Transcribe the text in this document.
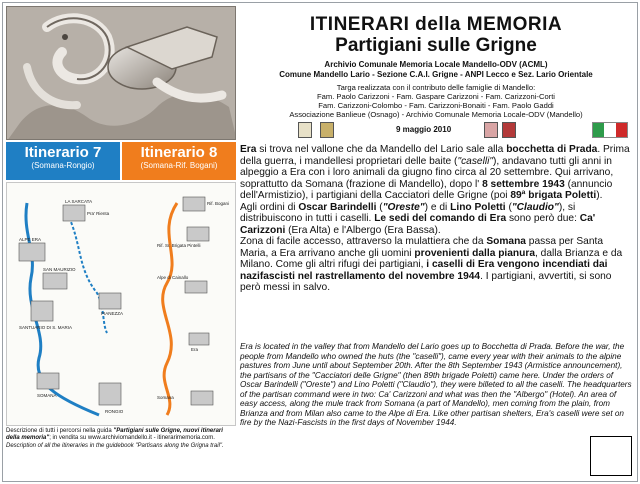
ITINERARI della MEMORIA
Partigiani sulle Grigne
Archivio Comunale Memoria Locale Mandello-ODV (ACML)
Comune Mandello Lario - Sezione C.A.I. Grigne - ANPI Lecco e Sez. Lario Orientale
Targa realizzata con il contributo delle famiglie di Mandello:
Fam. Paolo Carizzoni - Fam. Gaspare Carizzoni - Fam. Carizzoni-Corti
Fam. Carizzoni-Colombo - Fam. Carizzoni-Bonaiti - Fam. Paolo Gaddi
Associazione Banlieue (Osnago) - Archivio Comunale Memoria Locale-ODV (Mandello)
9 maggio 2010
Itinerario 7
(Somana-Rongio)
Itinerario 8
(Somana-Rif. Bogani)
LA SARCATA
Pra' Rienta
ALPE ERA
SAN MAURIZIO
SANTUARIO DI S. MARIA
PIANEZZA
SOMANA
RONGIO
Rif. Bogani
Rif. Sr. Brigata Pintelli
Alpe di Cainallo
Era
Somana
Descrizione di tutti i percorsi nella guida "Partigiani sulle Grigne, nuovi itinerari della memoria"; in vendita su www.archiviomandello.it - itinerarimemoria.com.
Description of all the itineraries in the guidebook "Partisans along the Grigna trail".

Era si trova nel vallone che da Mandello del Lario sale alla bocchetta di Prada. Prima della guerra, i mandellesi proprietari delle baite ("caselli"), andavano tutti gli anni in alpeggio a Era con i loro animali da giugno fino circa al 20 settembre. Qui arrivano, soprattutto da Somana (frazione di Mandello), dopo l' 8 settembre 1943 (annuncio dell'Armistizio), i partigiani della Cacciatori delle Grigne (poi 89ª brigata Poletti).

Agli ordini di Oscar Barindelli ("Oreste") e di Lino Poletti ("Claudio"), si distribuiscono in tutti i caselli. Le sedi del comando di Era sono però due: Ca' Carizzoni (Era Alta) e l'Albergo (Era Bassa).

Zona di facile accesso, attraverso la mulattiera che da Somana passa per Santa Maria, a Era arrivano anche gli uomini provenienti dalla pianura, dalla Brianza e da Milano. Come gli altri rifugi dei partigiani, i caselli di Era vengono incendiati dai nazifascisti nel rastrellamento del novembre 1944. I partigiani, avvertiti, si sono però messi in salvo.

Era is located in the valley that from Mandello del Lario goes up to Bocchetta di Prada. Before the war, the people from Mandello who owned the huts (the "caselli"), came every year with their animals to the alpine pastures from June until about September 20th. After the 8th September 1943 (Armistice announcement), the partisans of the "Cacciatori delle Grigne" (then 89th brigade Poletti) came here. Under the orders of Oscar Barindelli ("Oreste") and Lino Poletti ("Claudio"), they were billeted to all the caselli. The headquarters of the partisan command were in two: Ca' Carizzoni and what was then the "Albergo" (Hotel). An area of easy access, along the mule track from Somana (a part of Mandello), men coming from the plain, from Brianza and from Milan also came to the Alpe di Era. Like other partisan shelters, Era's caselli were set on fire by the Nazi-Fascists in the first days of November 1944.
